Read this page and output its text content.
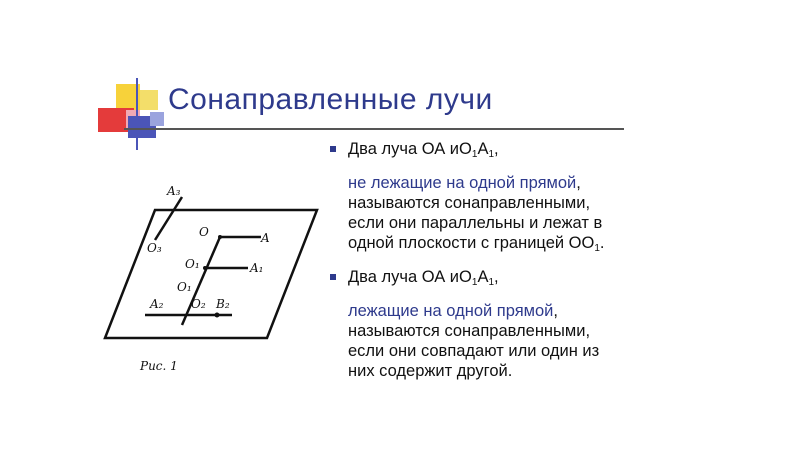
Сонаправленные лучи
A₃
O₃
O	A
O₁	A₁
O₁
A₂ O₂ B₂
Рис. 1
Два луча ОА $иО_1А_1$,
не лежащие на одной прямой, называются сонаправленными, если они параллельны и лежат в одной плоскости с границей $ОО_1$.
Два луча ОА $иО_1А_1$,
лежащие на одной прямой, называются сонаправленными, если они совпадают или один из них содержит другой.
